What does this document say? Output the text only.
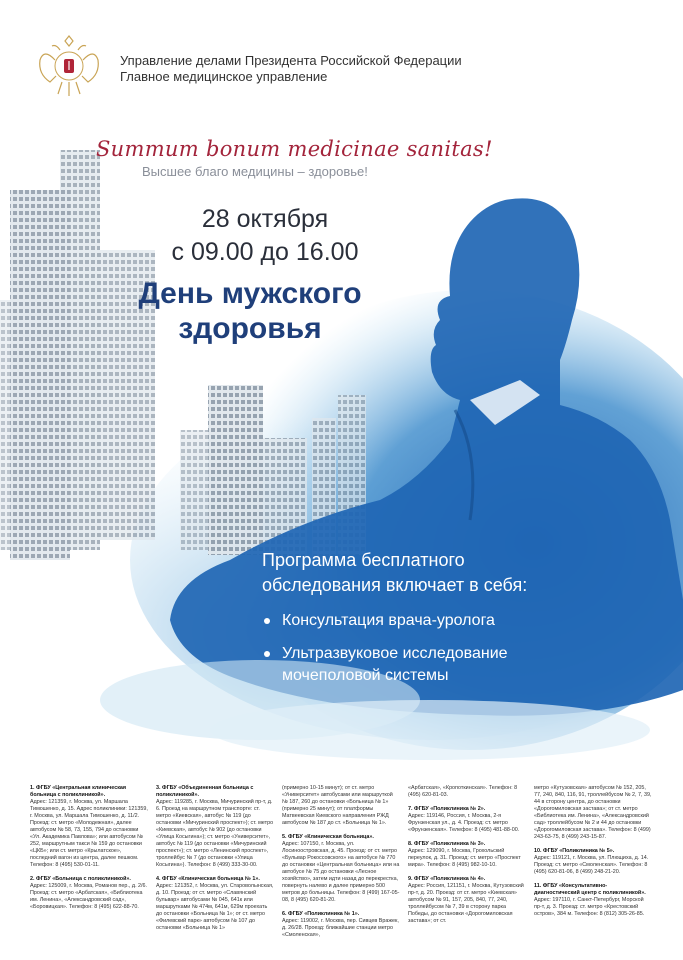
Управление делами Президента Российской Федерации
Главное медицинское управление
Summum bonum medicinae sanitas!
Высшее благо медицины – здоровье!
28 октября
с 09.00 до 16.00
День мужского
здоровья
Программа бесплатного
обследования включает в себя:
Консультация врача-уролога
Ультразвуковое исследование
мочеполовой системы
1. ФГБУ «Центральная клиническая больница с поликлиникой».
Адрес: 121359, г. Москва, ул. Маршала Тимошенко, д. 15. Адрес поликлиники: 121359, г. Москва, ул. Маршала Тимошенко, д. 11/2. Проезд: ст. метро «Молодежная», далее автобусом № 58, 73, 155, 794 до остановки «Ул. Академика Павлова»; или автобусом № 252, маршрутным такси № 159 до остановки «ЦКБ»; или ст. метро «Крылатское», последний вагон из центра, далее пешком. Телефон: 8 (495) 530-01-11.
2. ФГБУ «Больница с поликлиникой».
Адрес: 125009, г. Москва, Романов пер., д. 2/6. Проезд: ст. метро «Арбатская», «Библиотека им. Ленина», «Александровский сад», «Боровицкая». Телефон: 8 (495) 622-88-70.
3. ФГБУ «Объединенная больница с поликлиникой».
Адрес: 119285, г. Москва, Мичуринский пр-т, д. 6. Проезд на маршрутном транспорте: ст. метро «Киевская», автобус № 119 (до остановки «Мичуринский проспект»); ст. метро «Киевская», автобус № 902 (до остановки «Улица Косыгина»); ст. метро «Университет», автобус № 119 (до остановки «Мичуринский проспект»); ст. метро «Ленинский проспект», троллейбус № 7 (до остановки «Улица Косыгина»). Телефон: 8 (499) 333-30-00.
4. ФГБУ «Клиническая больница № 1».
Адрес: 121352, г. Москва, ул. Староволынская, д. 10. Проезд: от ст. метро «Славянский бульвар» автобусами № 045, 641к или маршрутками № 474м, 641м, 629м проехать до остановки «Больница № 1»; от ст. метро «Филевский парк» автобусом № 107 до остановки «Больница № 1»
(примерно 10-15 минут); от ст. метро «Университет» автобусами или маршруткой № 187, 260 до остановки «Больница № 1» (примерно 25 минут); от платформы Матвеевская Киевского направления РЖД автобусом № 187 до ст. «Больница № 1».
5. ФГБУ «Клиническая больница».
Адрес: 107150, г. Москва, ул. Лосиноостровская, д. 45. Проезд: от ст. метро «Бульвар Рокоссовского» на автобусе № 770 до остановки «Центральная больница» или на автобусе № 75 до остановки «Лесное хозяйство», затем идти назад до перекрестка, повернуть налево и далее примерно 500 метров до больницы. Телефон: 8 (499) 167-05-08, 8 (495) 620-81-20.
6. ФГБУ «Поликлиника № 1».
Адрес: 119002, г. Москва, пер. Сивцев Вражек, д. 26/28. Проезд: ближайшие станции метро «Смоленская»,
«Арбатская», «Кропоткинская». Телефон: 8 (495) 620-81-03.
7. ФГБУ «Поликлиника № 2».
Адрес: 119146, Россия, г. Москва, 2-я Фрунзенская ул., д. 4. Проезд: ст. метро «Фрунзенская». Телефон: 8 (495) 481-88-00.
8. ФГБУ «Поликлиника № 3».
Адрес: 129090, г. Москва, Грохольский переулок, д. 31. Проезд: ст. метро «Проспект мира». Телефон: 8 (495) 982-10-10.
9. ФГБУ «Поликлиника № 4».
Адрес: Россия, 121151, г. Москва, Кутузовский пр-т, д. 20. Проезд: от ст. метро «Киевская» автобусом № 91, 157, 205, 840, 77, 240, троллейбусом № 7, 39 в сторону парка Победы, до остановки «Дорогомиловская застава»; от ст.
метро «Кутузовская» автобусом № 152, 205, 77, 240, 840, 116, 91, троллейбусом № 2, 7, 39, 44 в сторону центра, до остановки «Дорогомиловская застава»; от ст. метро «Библиотека им. Ленина», «Александровский сад» троллейбусом № 2 и 44 до остановки «Дорогомиловская застава». Телефон: 8 (499) 243-63-75, 8 (499) 243-15-87.
10. ФГБУ «Поликлиника № 5».
Адрес: 119121, г. Москва, ул. Плющиха, д. 14. Проезд: ст. метро «Смоленская». Телефон: 8 (495) 620-81-06, 8 (499) 248-21-20.
11. ФГБУ «Консультативно-диагностический центр с поликлиникой».
Адрес: 197110, г. Санкт-Петербург, Морской пр-т, д. 3. Проезд: ст. метро «Крестовский остров», 384 м. Телефон: 8 (812) 305-26-85.
